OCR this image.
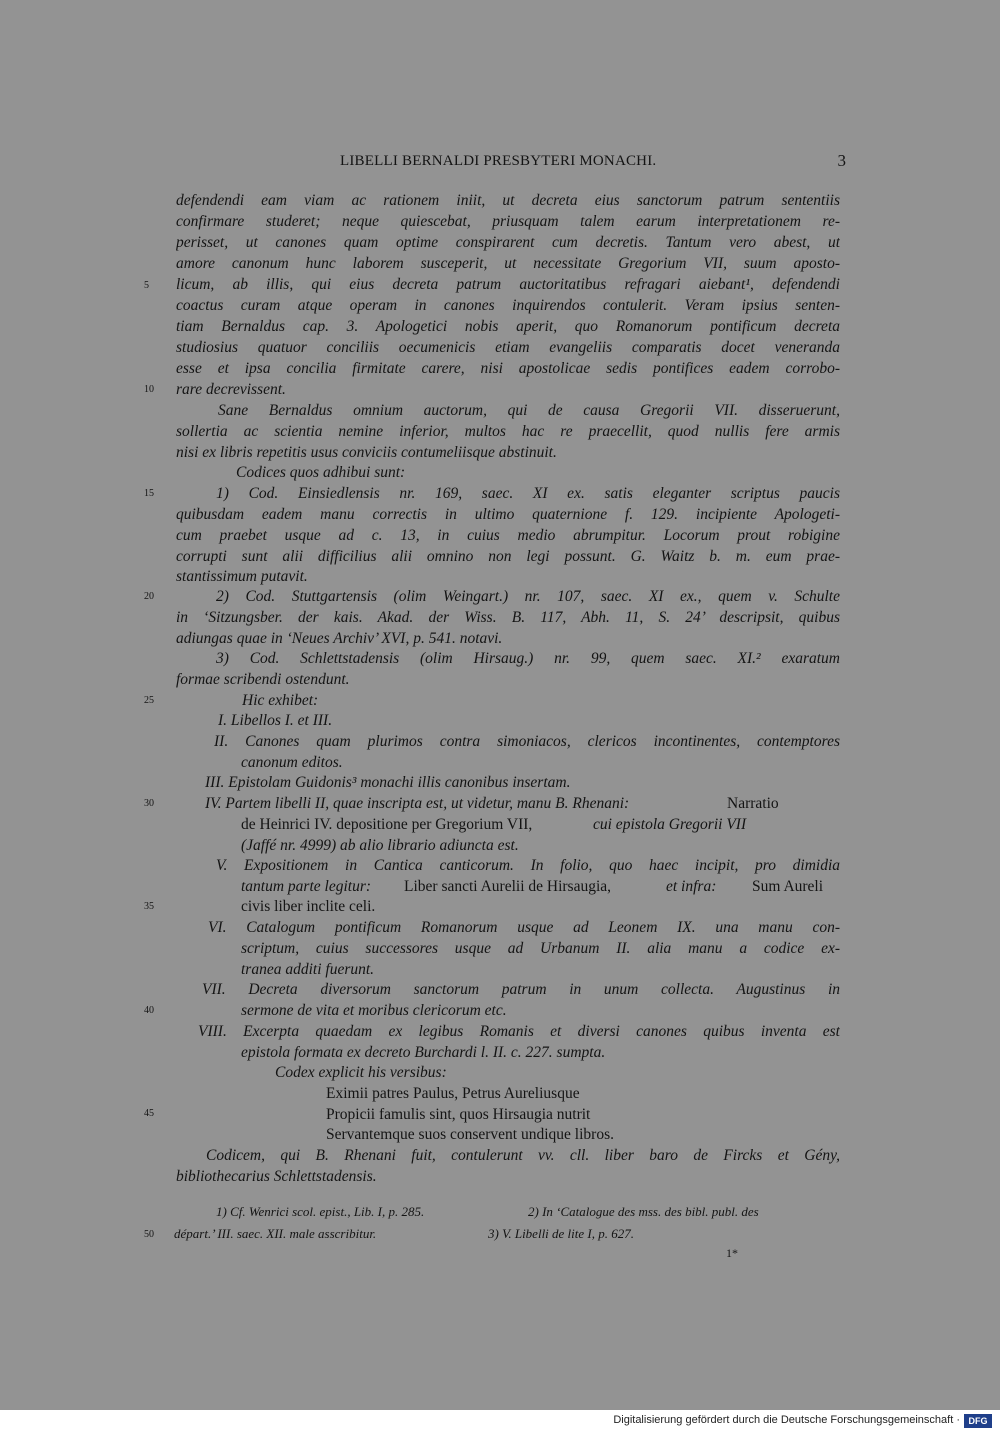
LIBELLI BERNALDI PRESBYTERI MONACHI.	3
defendendi eam viam ac rationem iniit, ut decreta eius sanctorum patrum sententiis
confirmare studeret; neque quiescebat, priusquam talem earum interpretationem re-
perisset, ut canones quam optime conspirarent cum decretis. Tantum vero abest, ut
amore canonum hunc laborem susceperit, ut necessitate Gregorium VII, suum aposto-
licum, ab illis, qui eius decreta patrum auctoritatibus refragari aiebant¹, defendendi
coactus curam atque operam in canones inquirendos contulerit. Veram ipsius senten-
tiam Bernaldus cap. 3. Apologetici nobis aperit, quo Romanorum pontificum decreta
studiosius quatuor conciliis oecumenicis etiam evangeliis comparatis docet veneranda
esse et ipsa concilia firmitate carere, nisi apostolicae sedis pontifices eadem corrobo-
rare decrevissent.
Sane Bernaldus omnium auctorum, qui de causa Gregorii VII. disseruerunt,
sollertia ac scientia nemine inferior, multos hac re praecellit, quod nullis fere armis
nisi ex libris repetitis usus conviciis contumeliisque abstinuit.
Codices quos adhibui sunt:
1) Cod. Einsiedlensis nr. 169, saec. XI ex. satis eleganter scriptus paucis
quibusdam eadem manu correctis in ultimo quaternione f. 129. incipiente Apologeti-
cum praebet usque ad c. 13, in cuius medio abrumpitur. Locorum prout robigine
corrupti sunt alii difficilius alii omnino non legi possunt. G. Waitz b. m. eum prae-
stantissimum putavit.
2) Cod. Stuttgartensis (olim Weingart.) nr. 107, saec. XI ex., quem v. Schulte
in ‘Sitzungsber. der kais. Akad. der Wiss. B. 117, Abh. 11, S. 24’ descripsit, quibus
adiungas quae in ‘Neues Archiv’ XVI, p. 541. notavi.
3) Cod. Schlettstadensis (olim Hirsaug.) nr. 99, quem saec. XI.² exaratum
formae scribendi ostendunt.
Hic exhibet:
I. Libellos I. et III.
II. Canones quam plurimos contra simoniacos, clericos incontinentes, contemptores
canonum editos.
III. Epistolam Guidonis³ monachi illis canonibus insertam.
IV. Partem libelli II, quae inscripta est, ut videtur, manu B. Rhenani:	Narratio
de Heinrici IV. depositione per Gregorium VII,	cui epistola Gregorii VII
(Jaffé nr. 4999) ab alio librario adiuncta est.
V. Expositionem in Cantica canticorum. In folio, quo haec incipit, pro dimidia
tantum parte legitur:	Liber sancti Aurelii de Hirsaugia,	et infra:	Sum Aureli
civis liber inclite celi.
VI. Catalogum pontificum Romanorum usque ad Leonem IX. una manu con-
scriptum, cuius successores usque ad Urbanum II. alia manu a codice ex-
tranea additi fuerunt.
VII. Decreta diversorum sanctorum patrum in unum collecta. Augustinus in
sermone de vita et moribus clericorum etc.
VIII. Excerpta quaedam ex legibus Romanis et diversi canones quibus inventa est
epistola formata ex decreto Burchardi l. II. c. 227. sumpta.
Codex explicit his versibus:
Eximii patres Paulus, Petrus Aureliusque
Propicii famulis sint, quos Hirsaugia nutrit
Servantemque suos conservent undique libros.
Codicem, qui B. Rhenani fuit, contulerunt vv. cll. liber baro de Fircks et Gény,
bibliothecarius Schlettstadensis.
5
10
15
20
25
30
35
40
45
50
1) Cf. Wenrici scol. epist., Lib. I, p. 285.	2) In ‘Catalogue des mss. des bibl. publ. des
départ.’ III. saec. XII. male asscribitur.	3) V. Libelli de lite I, p. 627.
1*
Digitalisierung gefördert durch die Deutsche Forschungsgemeinschaft · DFG
